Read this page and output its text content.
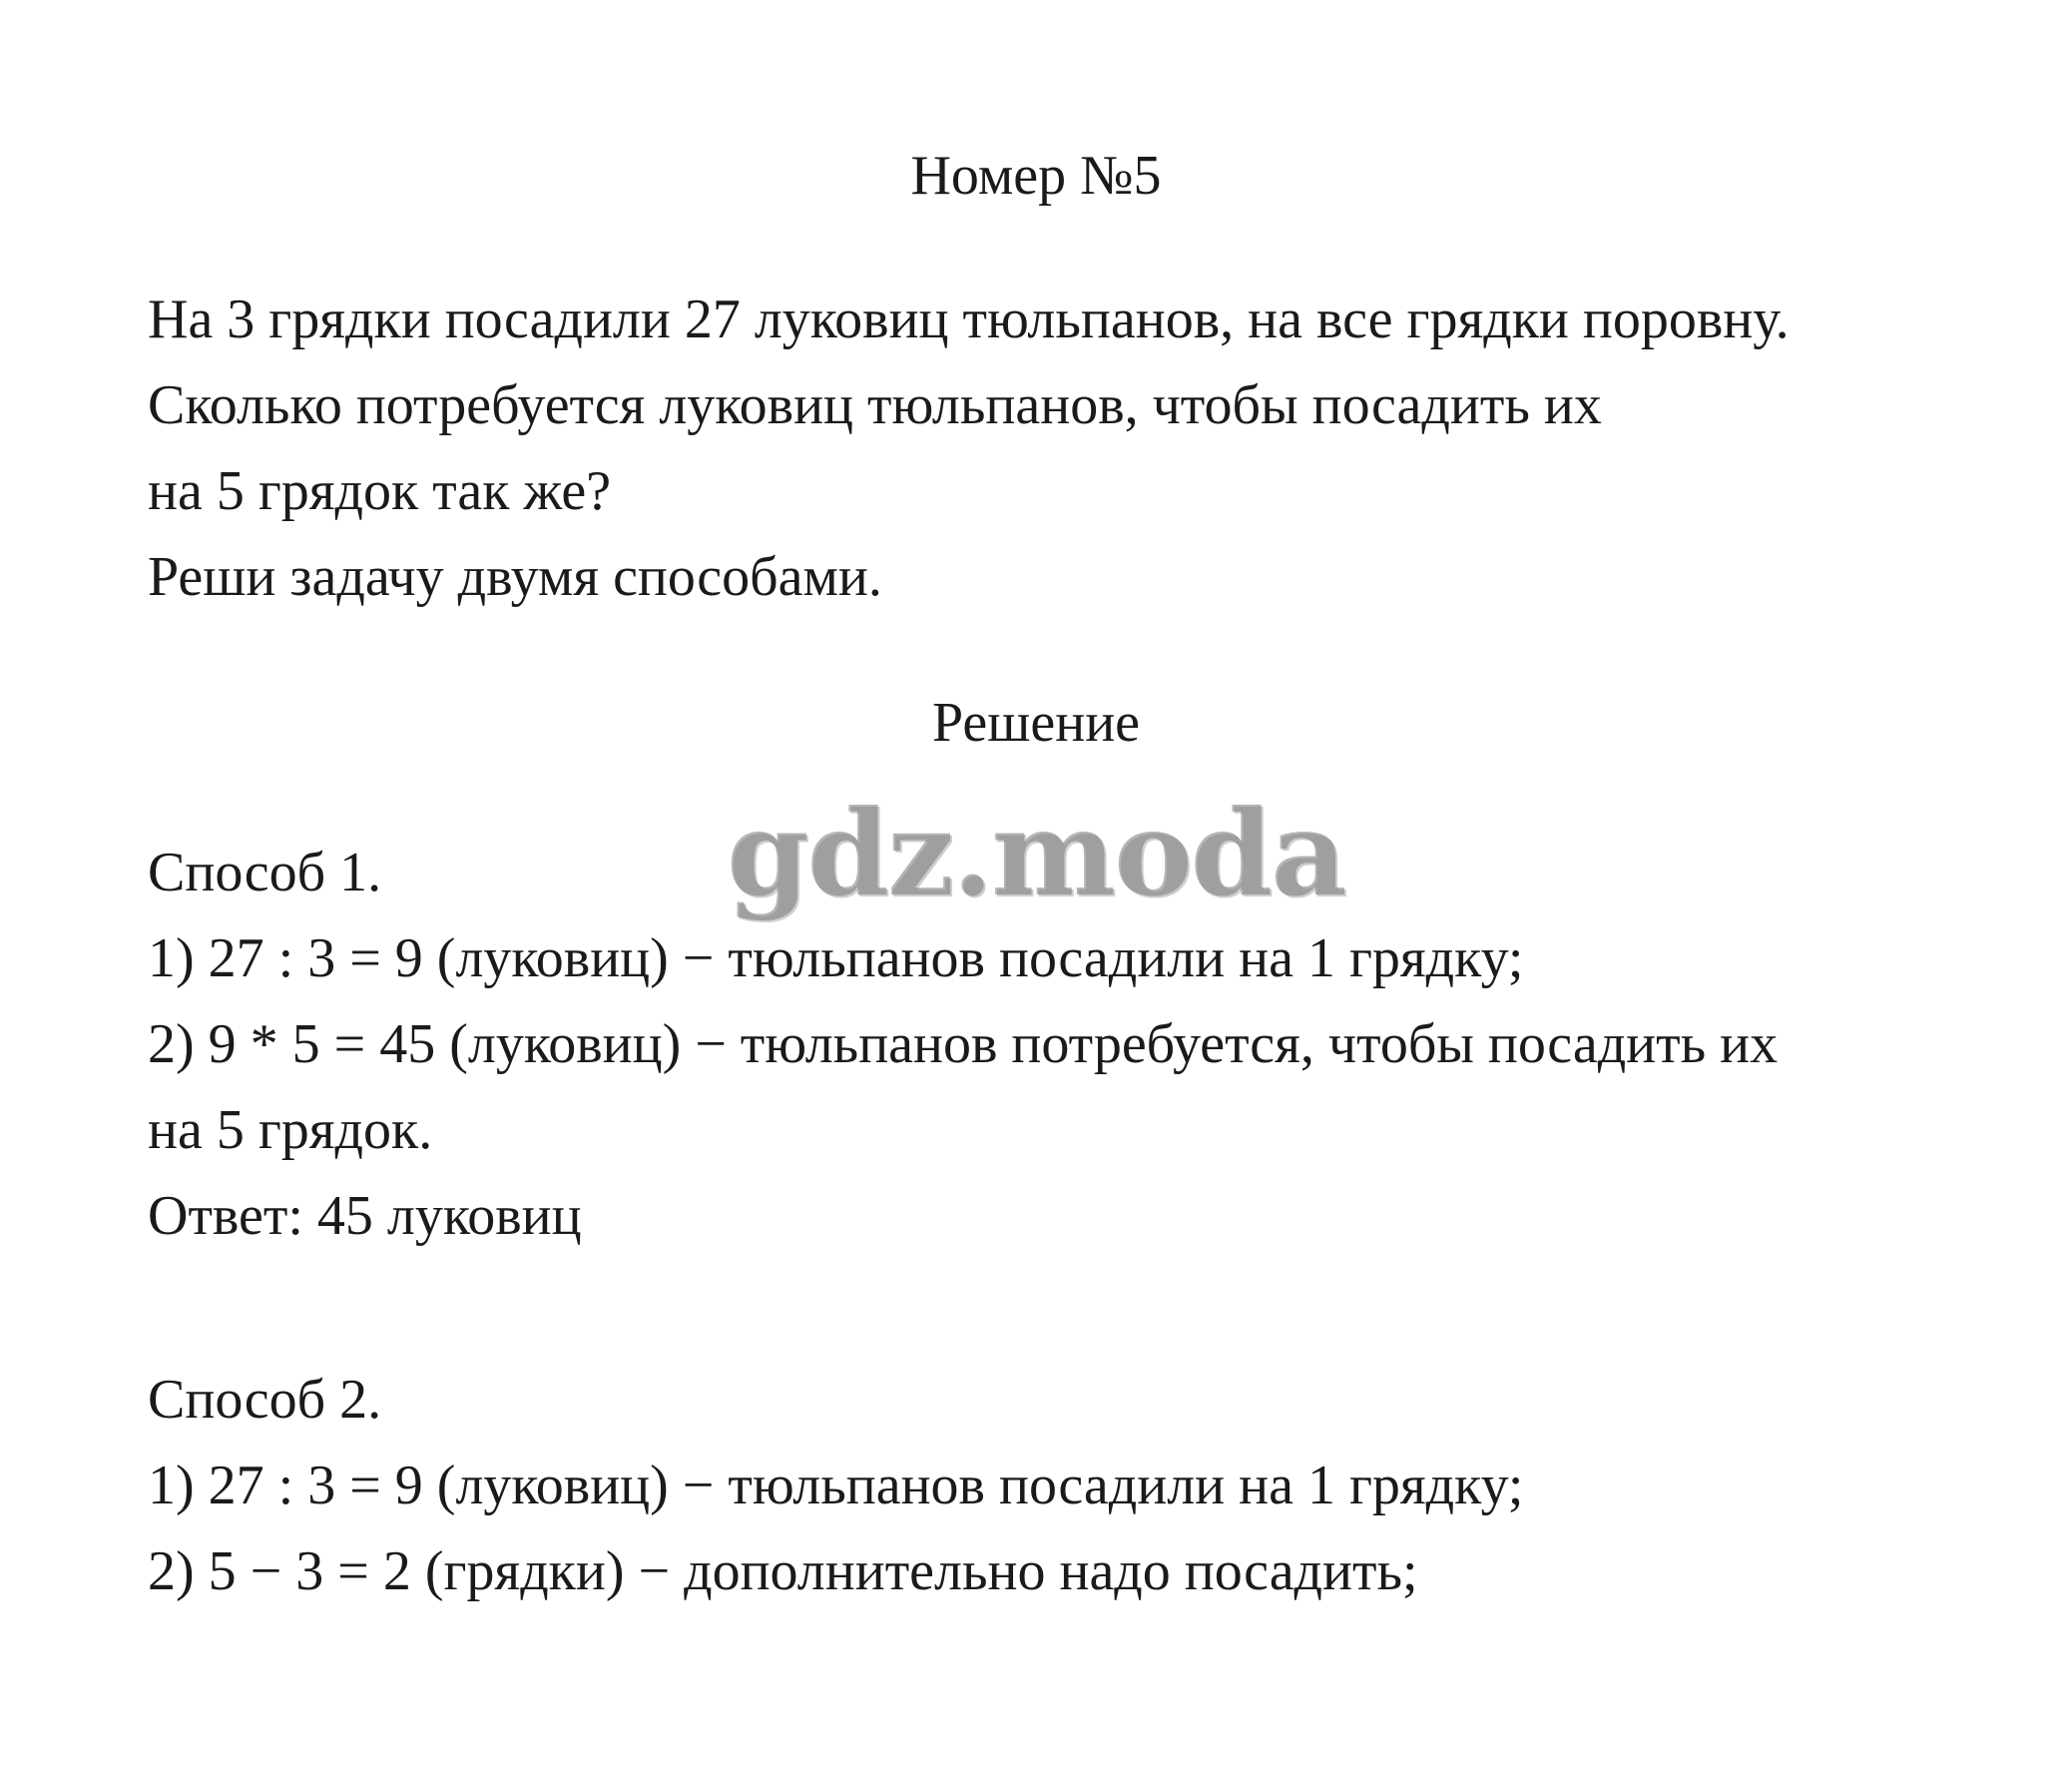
Номер №5
На 3 грядки посадили 27 луковиц тюльпанов, на все грядки поровну.
Сколько потребуется луковиц тюльпанов, чтобы посадить их
на 5 грядок так же?
Реши задачу двумя способами.
Решение
Способ 1.
1) 27 : 3 = 9 (луковиц) − тюльпанов посадили на 1 грядку;
2) 9 * 5 = 45 (луковиц) − тюльпанов потребуется, чтобы посадить их
на 5 грядок.
Ответ: 45 луковиц
Способ 2.
1) 27 : 3 = 9 (луковиц) − тюльпанов посадили на 1 грядку;
2) 5 − 3 = 2 (грядки) − дополнительно надо посадить;
gdz.moda
